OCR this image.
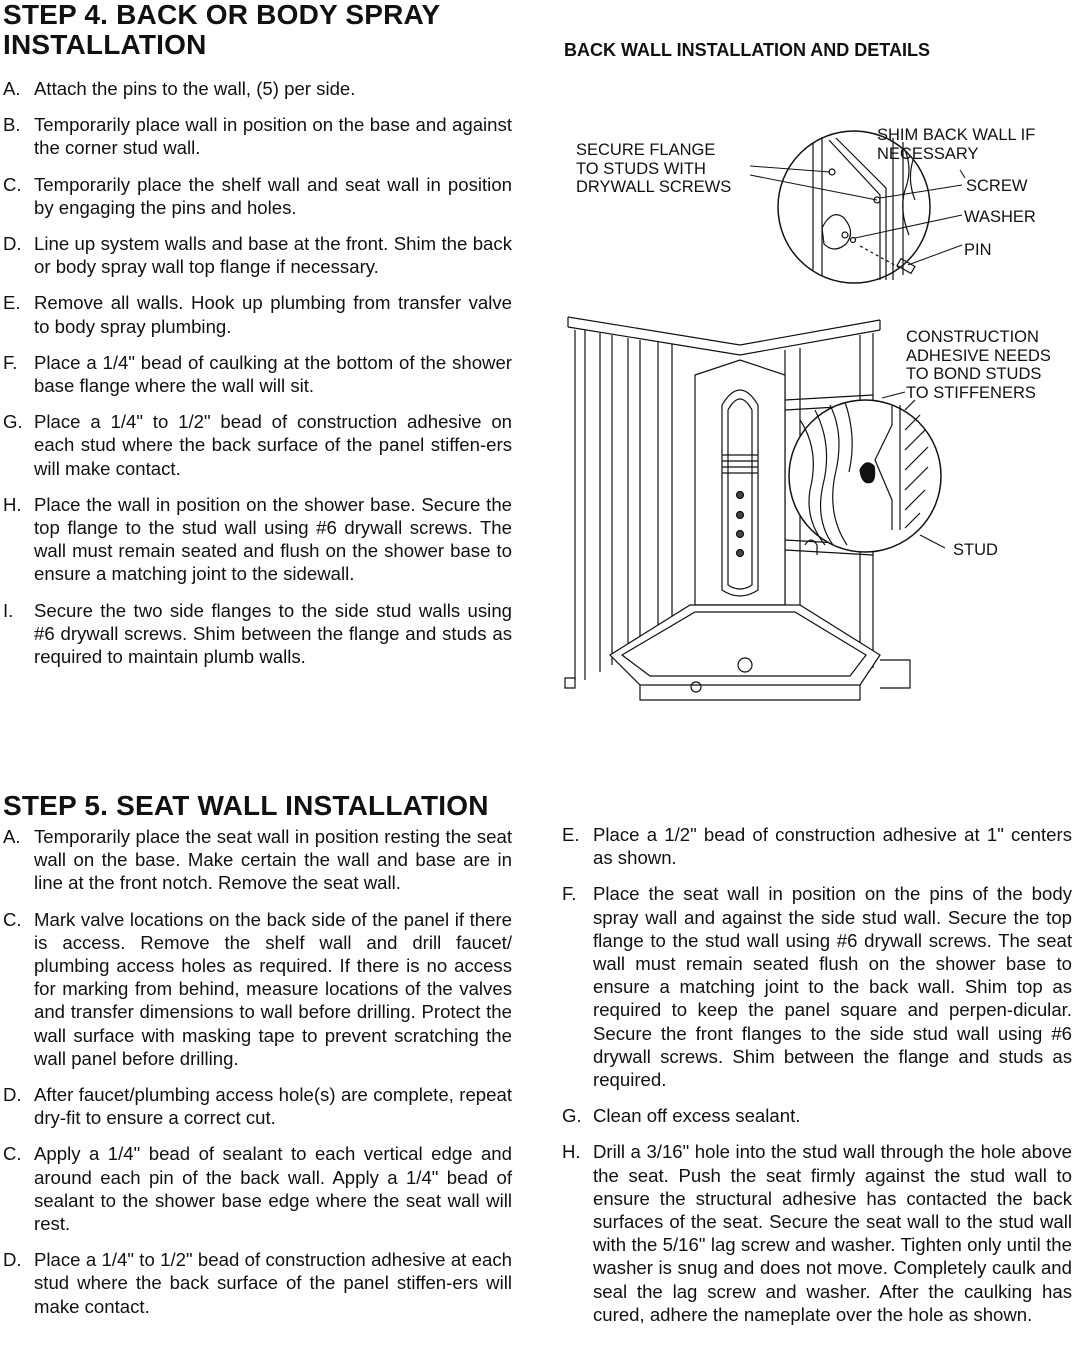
STEP 4. BACK OR BODY SPRAY
INSTALLATION
A. Attach the pins to the wall, (5) per side.
B. Temporarily place wall in position on the base and against the corner stud wall.
C. Temporarily place the shelf wall and seat wall in position by engaging the pins and holes.
D. Line up system walls and base at the front. Shim the back or body spray wall top flange if necessary.
E. Remove all walls. Hook up plumbing from transfer valve to body spray plumbing.
F. Place a 1/4" bead of caulking at the bottom of the shower base flange where the wall will sit.
G. Place a 1/4" to 1/2" bead of construction adhesive on each stud where the back surface of the panel stiffen-ers will make contact.
H. Place the wall in position on the shower base. Secure the top flange to the stud wall using #6 drywall screws. The wall must remain seated and flush on the shower base to ensure a matching joint to the sidewall.
I. Secure the two side flanges to the side stud walls using #6 drywall screws. Shim between the flange and studs as required to maintain plumb walls.
BACK WALL INSTALLATION AND DETAILS
SECURE FLANGE
TO STUDS WITH
DRYWALL SCREWS
SHIM BACK WALL IF
NECESSARY
SCREW
WASHER
PIN
CONSTRUCTION
ADHESIVE NEEDS
TO BOND STUDS
TO STIFFENERS
STUD
STEP 5. SEAT WALL INSTALLATION
A. Temporarily place the seat wall in position resting the seat wall on the base. Make certain the wall and base are in line at the front notch. Remove the seat wall.
C. Mark valve locations on the back side of the panel if there is access. Remove the shelf wall and drill faucet/ plumbing access holes as required. If there is no access for marking from behind, measure locations of the valves and transfer dimensions to wall before drilling. Protect the wall surface with masking tape to prevent scratching the wall panel before drilling.
D. After faucet/plumbing access hole(s) are complete, repeat dry-fit to ensure a correct cut.
C. Apply a 1/4" bead of sealant to each vertical edge and around each pin of the back wall. Apply a 1/4" bead of sealant to the shower base edge where the seat wall will rest.
D. Place a 1/4" to 1/2" bead of construction adhesive at each stud where the back surface of the panel stiffen-ers will make contact.
E. Place a 1/2" bead of construction adhesive at 1" centers as shown.
F. Place the seat wall in position on the pins of the body spray wall and against the side stud wall. Secure the top flange to the stud wall using #6 drywall screws. The seat wall must remain seated flush on the shower base to ensure a matching joint to the back wall. Shim top as required to keep the panel square and perpen-dicular. Secure the front flanges to the side stud wall using #6 drywall screws. Shim between the flange and studs as required.
G. Clean off excess sealant.
H. Drill a 3/16" hole into the stud wall through the hole above the seat. Push the seat firmly against the stud wall to ensure the structural adhesive has contacted the back surfaces of the seat. Secure the seat wall to the stud wall with the 5/16" lag screw and washer. Tighten only until the washer is snug and does not move. Completely caulk and seal the lag screw and washer. After the caulking has cured, adhere the nameplate over the hole as shown.
